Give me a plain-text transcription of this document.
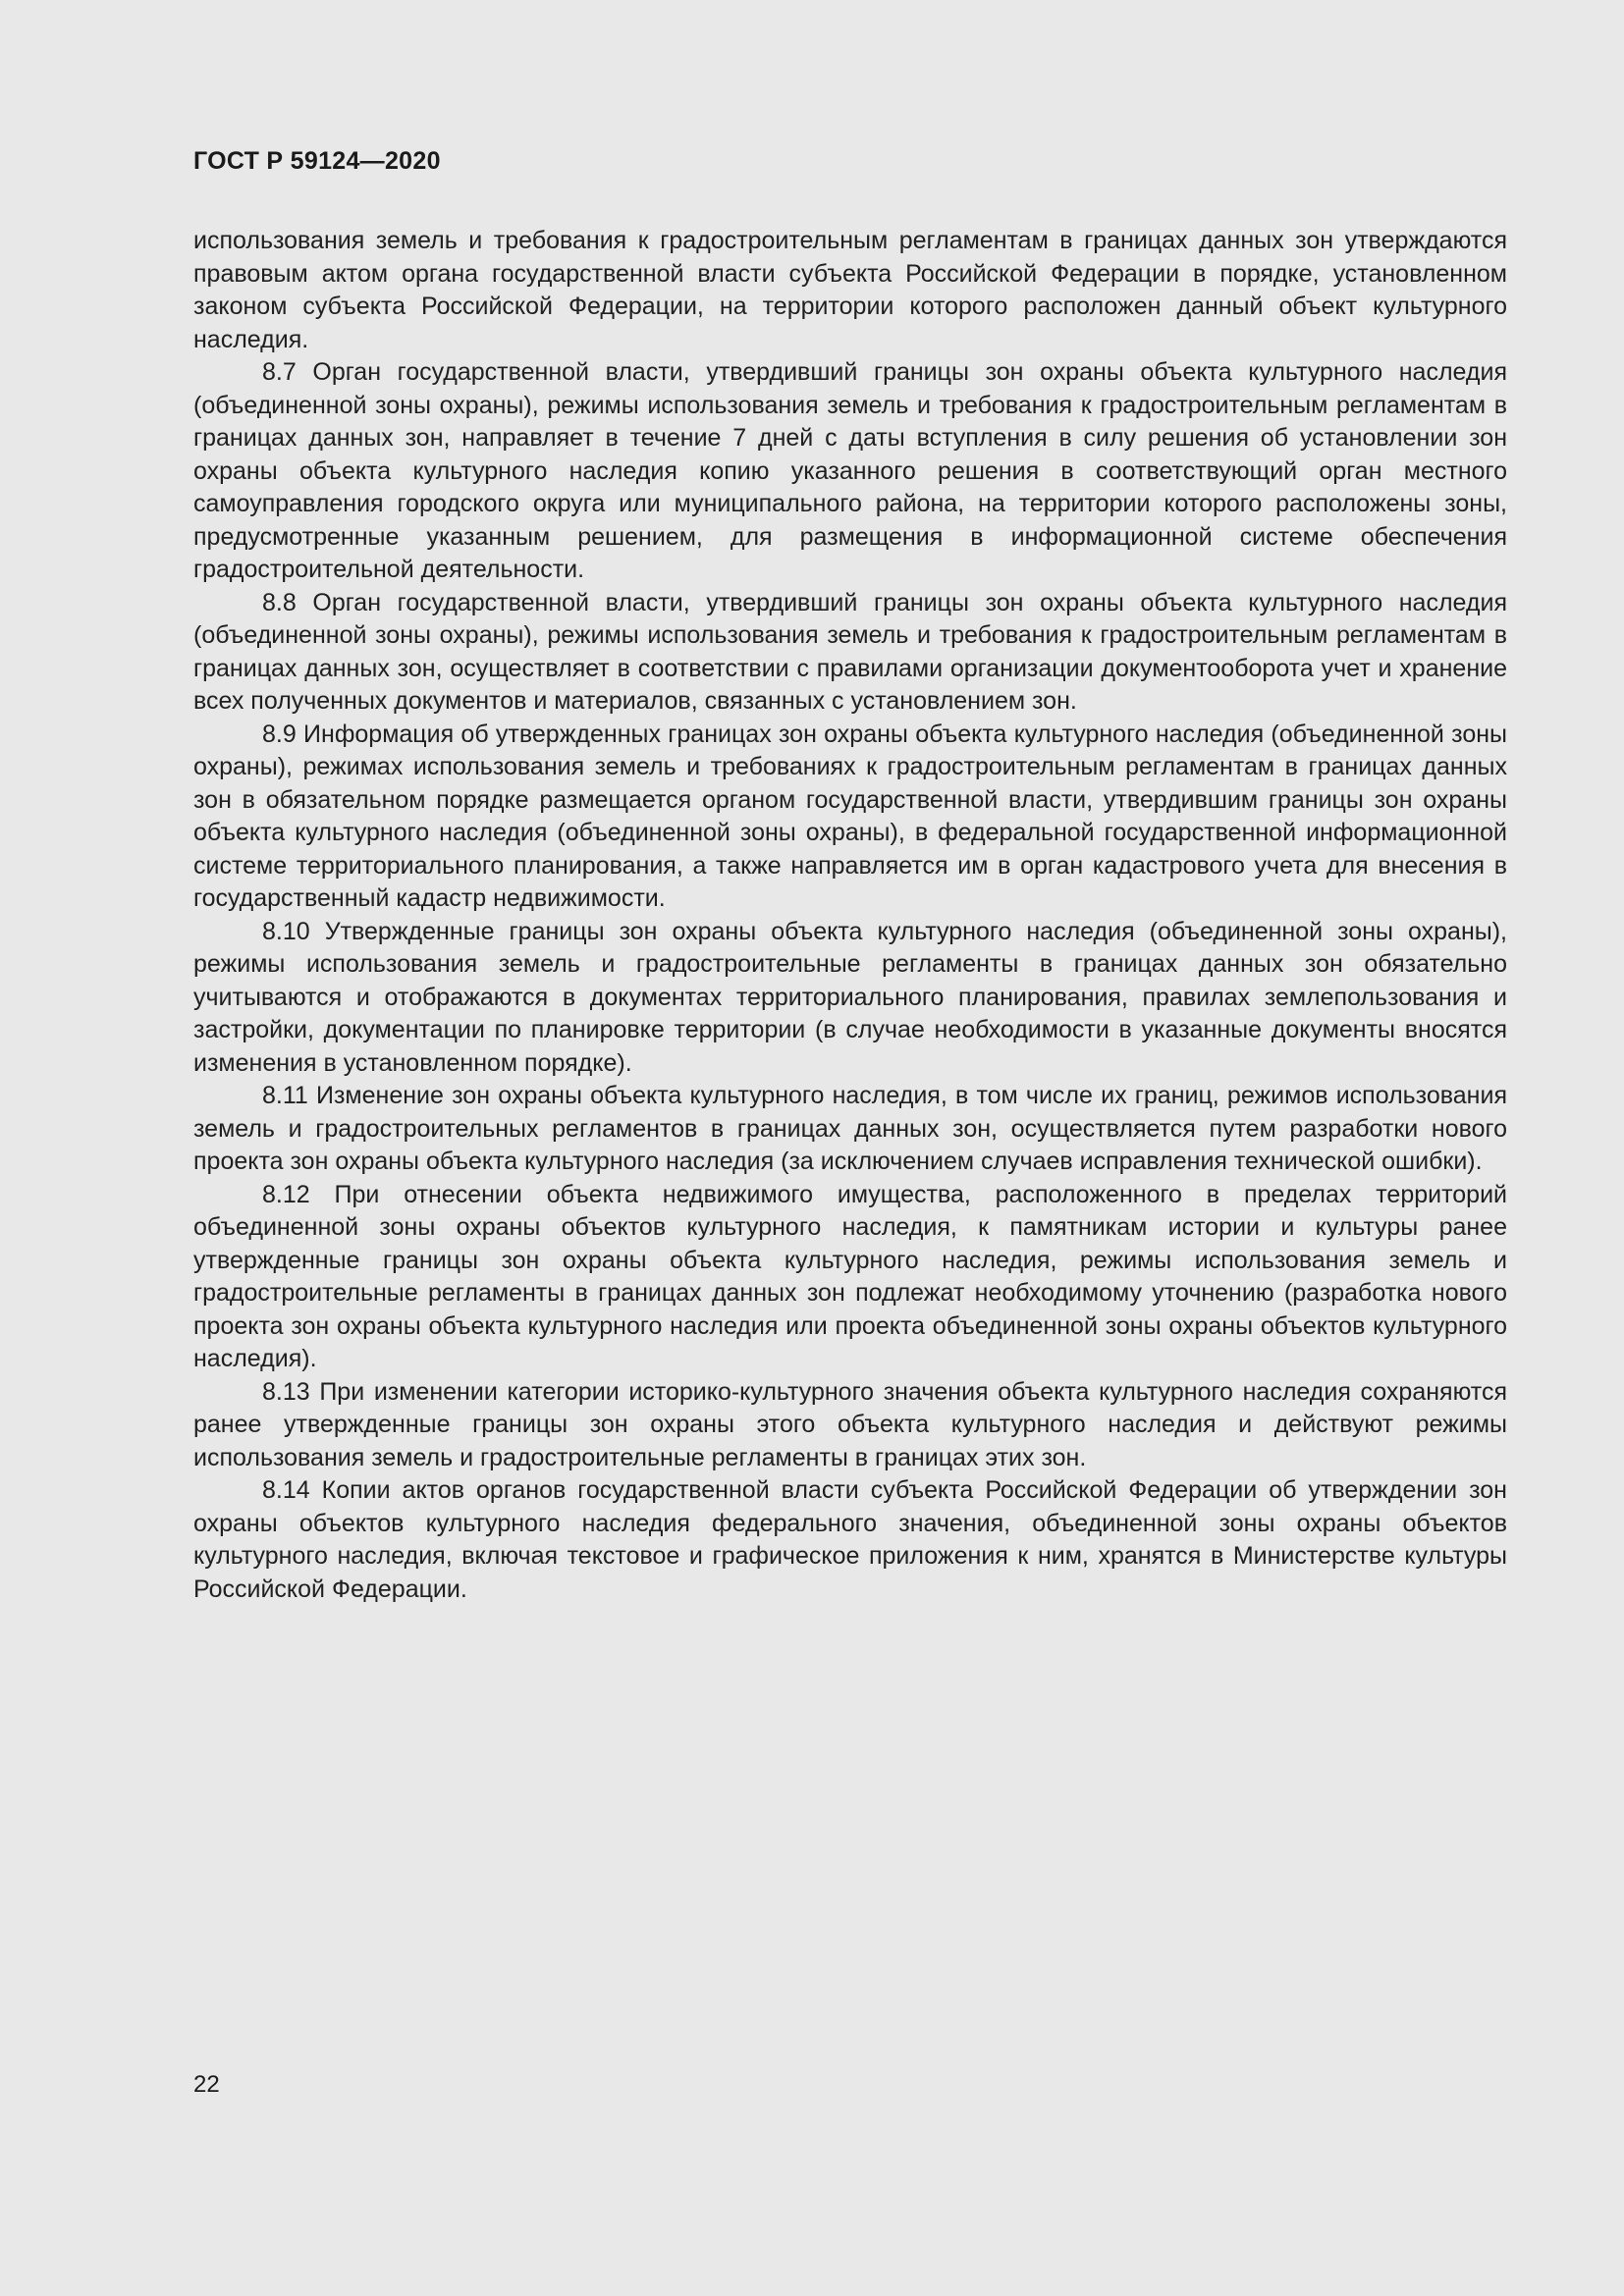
ГОСТ Р 59124—2020

использования земель и требования к градостроительным регламентам в границах данных зон утверждаются правовым актом органа государственной власти субъекта Российской Федерации в порядке, установленном законом субъекта Российской Федерации, на территории которого расположен данный объект культурного наследия.

8.7 Орган государственной власти, утвердивший границы зон охраны объекта культурного наследия (объединенной зоны охраны), режимы использования земель и требования к градостроительным регламентам в границах данных зон, направляет в течение 7 дней с даты вступления в силу решения об установлении зон охраны объекта культурного наследия копию указанного решения в соответствующий орган местного самоуправления городского округа или муниципального района, на территории которого расположены зоны, предусмотренные указанным решением, для размещения в информационной системе обеспечения градостроительной деятельности.

8.8 Орган государственной власти, утвердивший границы зон охраны объекта культурного наследия (объединенной зоны охраны), режимы использования земель и требования к градостроительным регламентам в границах данных зон, осуществляет в соответствии с правилами организации документооборота учет и хранение всех полученных документов и материалов, связанных с установлением зон.

8.9 Информация об утвержденных границах зон охраны объекта культурного наследия (объединенной зоны охраны), режимах использования земель и требованиях к градостроительным регламентам в границах данных зон в обязательном порядке размещается органом государственной власти, утвердившим границы зон охраны объекта культурного наследия (объединенной зоны охраны), в федеральной государственной информационной системе территориального планирования, а также направляется им в орган кадастрового учета для внесения в государственный кадастр недвижимости.

8.10 Утвержденные границы зон охраны объекта культурного наследия (объединенной зоны охраны), режимы использования земель и градостроительные регламенты в границах данных зон обязательно учитываются и отображаются в документах территориального планирования, правилах землепользования и застройки, документации по планировке территории (в случае необходимости в указанные документы вносятся изменения в установленном порядке).

8.11 Изменение зон охраны объекта культурного наследия, в том числе их границ, режимов использования земель и градостроительных регламентов в границах данных зон, осуществляется путем разработки нового проекта зон охраны объекта культурного наследия (за исключением случаев исправления технической ошибки).

8.12 При отнесении объекта недвижимого имущества, расположенного в пределах территорий объединенной зоны охраны объектов культурного наследия, к памятникам истории и культуры ранее утвержденные границы зон охраны объекта культурного наследия, режимы использования земель и градостроительные регламенты в границах данных зон подлежат необходимому уточнению (разработка нового проекта зон охраны объекта культурного наследия или проекта объединенной зоны охраны объектов культурного наследия).

8.13 При изменении категории историко-культурного значения объекта культурного наследия сохраняются ранее утвержденные границы зон охраны этого объекта культурного наследия и действуют режимы использования земель и градостроительные регламенты в границах этих зон.

8.14 Копии актов органов государственной власти субъекта Российской Федерации об утверждении зон охраны объектов культурного наследия федерального значения, объединенной зоны охраны объектов культурного наследия, включая текстовое и графическое приложения к ним, хранятся в Министерстве культуры Российской Федерации.

22
